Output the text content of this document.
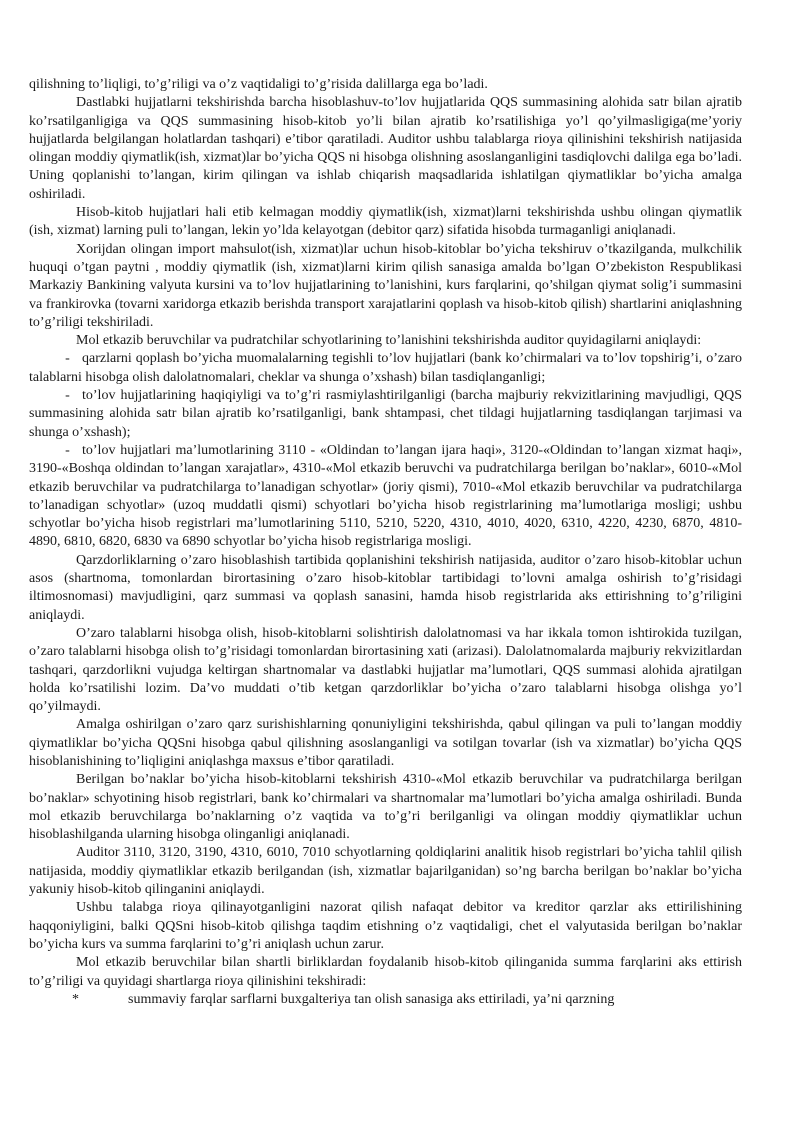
qilishning to’liqligi, to’g’riligi va o’z vaqtidaligi to’g’risida dalillarga ega bo’ladi.

Dastlabki hujjatlarni tekshirishda barcha hisoblashuv-to’lov hujjatlarida QQS summasining alohida satr bilan ajratib ko’rsatilganligiga va QQS summasining hisob-kitob yo’li bilan ajratib ko’rsatilishiga yo’l qo’yilmasligiga(me’yoriy hujjatlarda belgilangan holatlardan tashqari) e’tibor qaratiladi. Auditor ushbu talablarga rioya qilinishini tekshirish natijasida olingan moddiy qiymatlik(ish, xizmat)lar bo’yicha QQS ni hisobga olishning asoslanganligini tasdiqlovchi dalilga ega bo’ladi. Uning qoplanishi to’langan, kirim qilingan va ishlab chiqarish maqsadlarida ishlatilgan qiymatliklar bo’yicha amalga oshiriladi.

Hisob-kitob hujjatlari hali etib kelmagan moddiy qiymatlik(ish, xizmat)larni tekshirishda ushbu olingan qiymatlik (ish, xizmat) larning puli to’langan, lekin yo’lda kelayotgan (debitor qarz) sifatida hisobda turmaganligi aniqlanadi.

Xorijdan olingan import mahsulot(ish, xizmat)lar uchun hisob-kitoblar bo’yicha tekshiruv o’tkazilganda, mulkchilik huquqi o’tgan paytni , moddiy qiymatlik (ish, xizmat)larni kirim qilish sanasiga amalda bo’lgan O’zbekiston Respublikasi Markaziy Bankining valyuta kursini va to’lov hujjatlarining to’lanishini, kurs farqlarini, qo’shilgan qiymat solig’i summasini va frankirovka (tovarni xaridorga etkazib berishda transport xarajatlarini qoplash va hisob-kitob qilish) shartlarini aniqlashning to’g’riligi tekshiriladi.

Mol etkazib beruvchilar va pudratchilar schyotlarining to’lanishini tekshirishda auditor quyidagilarni aniqlaydi:

- qarzlarni qoplash bo’yicha muomalalarning tegishli to’lov hujjatlari (bank ko’chirmalari va to’lov topshirig’i, o’zaro talablarni hisobga olish dalolatnomalari, cheklar va shunga o’xshash) bilan tasdiqlanganligi;

- to’lov hujjatlarining haqiqiyligi va to’g’ri rasmiylashtirilganligi (barcha majburiy rekvizitlarining mavjudligi, QQS summasining alohida satr bilan ajratib ko’rsatilganligi, bank shtampasi, chet tildagi hujjatlarning tasdiqlangan tarjimasi va shunga o’xshash);

- to’lov hujjatlari ma’lumotlarining 3110 - «Oldindan to’langan ijara haqi», 3120-«Oldindan to’langan xizmat haqi», 3190-«Boshqa oldindan to’langan xarajatlar», 4310-«Mol etkazib beruvchi va pudratchilarga berilgan bo’naklar», 6010-«Mol etkazib beruvchilar va pudratchilarga to’lanadigan schyotlar» (joriy qismi), 7010-«Mol etkazib beruvchilar va pudratchilarga to’lanadigan schyotlar» (uzoq muddatli qismi) schyotlari bo’yicha hisob registrlarining ma’lumotlariga mosligi; ushbu schyotlar bo’yicha hisob registrlari ma’lumotlarining 5110, 5210, 5220, 4310, 4010, 4020, 6310, 4220, 4230, 6870, 4810-4890, 6810, 6820, 6830 va 6890 schyotlar bo’yicha hisob registrlariga mosligi.

Qarzdorliklarning o’zaro hisoblashish tartibida qoplanishini tekshirish natijasida, auditor o’zaro hisob-kitoblar uchun asos (shartnoma, tomonlardan birortasining o’zaro hisob-kitoblar tartibidagi to’lovni amalga oshirish to’g’risidagi iltimosnomasi) mavjudligini, qarz summasi va qoplash sanasini, hamda hisob registrlarida aks ettirishning to’g’riligini aniqlaydi.

O’zaro talablarni hisobga olish, hisob-kitoblarni solishtirish dalolatnomasi va har ikkala tomon ishtirokida tuzilgan, o’zaro talablarni hisobga olish to’g’risidagi tomonlardan birortasining xati (arizasi). Dalolatnomalarda majburiy rekvizitlardan tashqari, qarzdorlikni vujudga keltirgan shartnomalar va dastlabki hujjatlar ma’lumotlari, QQS summasi alohida ajratilgan holda ko’rsatilishi lozim. Da’vo muddati o’tib ketgan qarzdorliklar bo’yicha o’zaro talablarni hisobga olishga yo’l qo’yilmaydi.

Amalga oshirilgan o’zaro qarz surishishlarning qonuniyligini tekshirishda, qabul qilingan va puli to’langan moddiy qiymatliklar bo’yicha QQSni hisobga qabul qilishning asoslanganligi va sotilgan tovarlar (ish va xizmatlar) bo’yicha QQS hisoblanishining to’liqligini aniqlashga maxsus e’tibor qaratiladi.

Berilgan bo’naklar bo’yicha hisob-kitoblarni tekshirish 4310-«Mol etkazib beruvchilar va pudratchilarga berilgan bo’naklar» schyotining hisob registrlari, bank ko’chirmalari va shartnomalar ma’lumotlari bo’yicha amalga oshiriladi. Bunda mol etkazib beruvchilarga bo’naklarning o’z vaqtida va to’g’ri berilganligi va olingan moddiy qiymatliklar uchun hisoblashilganda ularning hisobga olinganligi aniqlanadi.

Auditor 3110, 3120, 3190, 4310, 6010, 7010 schyotlarning qoldiqlarini analitik hisob registrlari bo’yicha tahlil qilish natijasida, moddiy qiymatliklar etkazib berilgandan (ish, xizmatlar bajarilganidan) so’ng barcha berilgan bo’naklar bo’yicha yakuniy hisob-kitob qilinganini aniqlaydi.

Ushbu talabga rioya qilinayotganligini nazorat qilish nafaqat debitor va kreditor qarzlar aks ettirilishining haqqoniyligini, balki QQSni hisob-kitob qilishga taqdim etishning o’z vaqtidaligi, chet el valyutasida berilgan bo’naklar bo’yicha kurs va summa farqlarini to’g’ri aniqlash uchun zarur.

Mol etkazib beruvchilar bilan shartli birliklardan foydalanib hisob-kitob qilinganida summa farqlarini aks ettirish to’g’riligi va quyidagi shartlarga rioya qilinishini tekshiradi:

*	summaviy farqlar sarflarni buxgalteriya tan olish sanasiga aks ettiriladi, ya’ni qarzning
